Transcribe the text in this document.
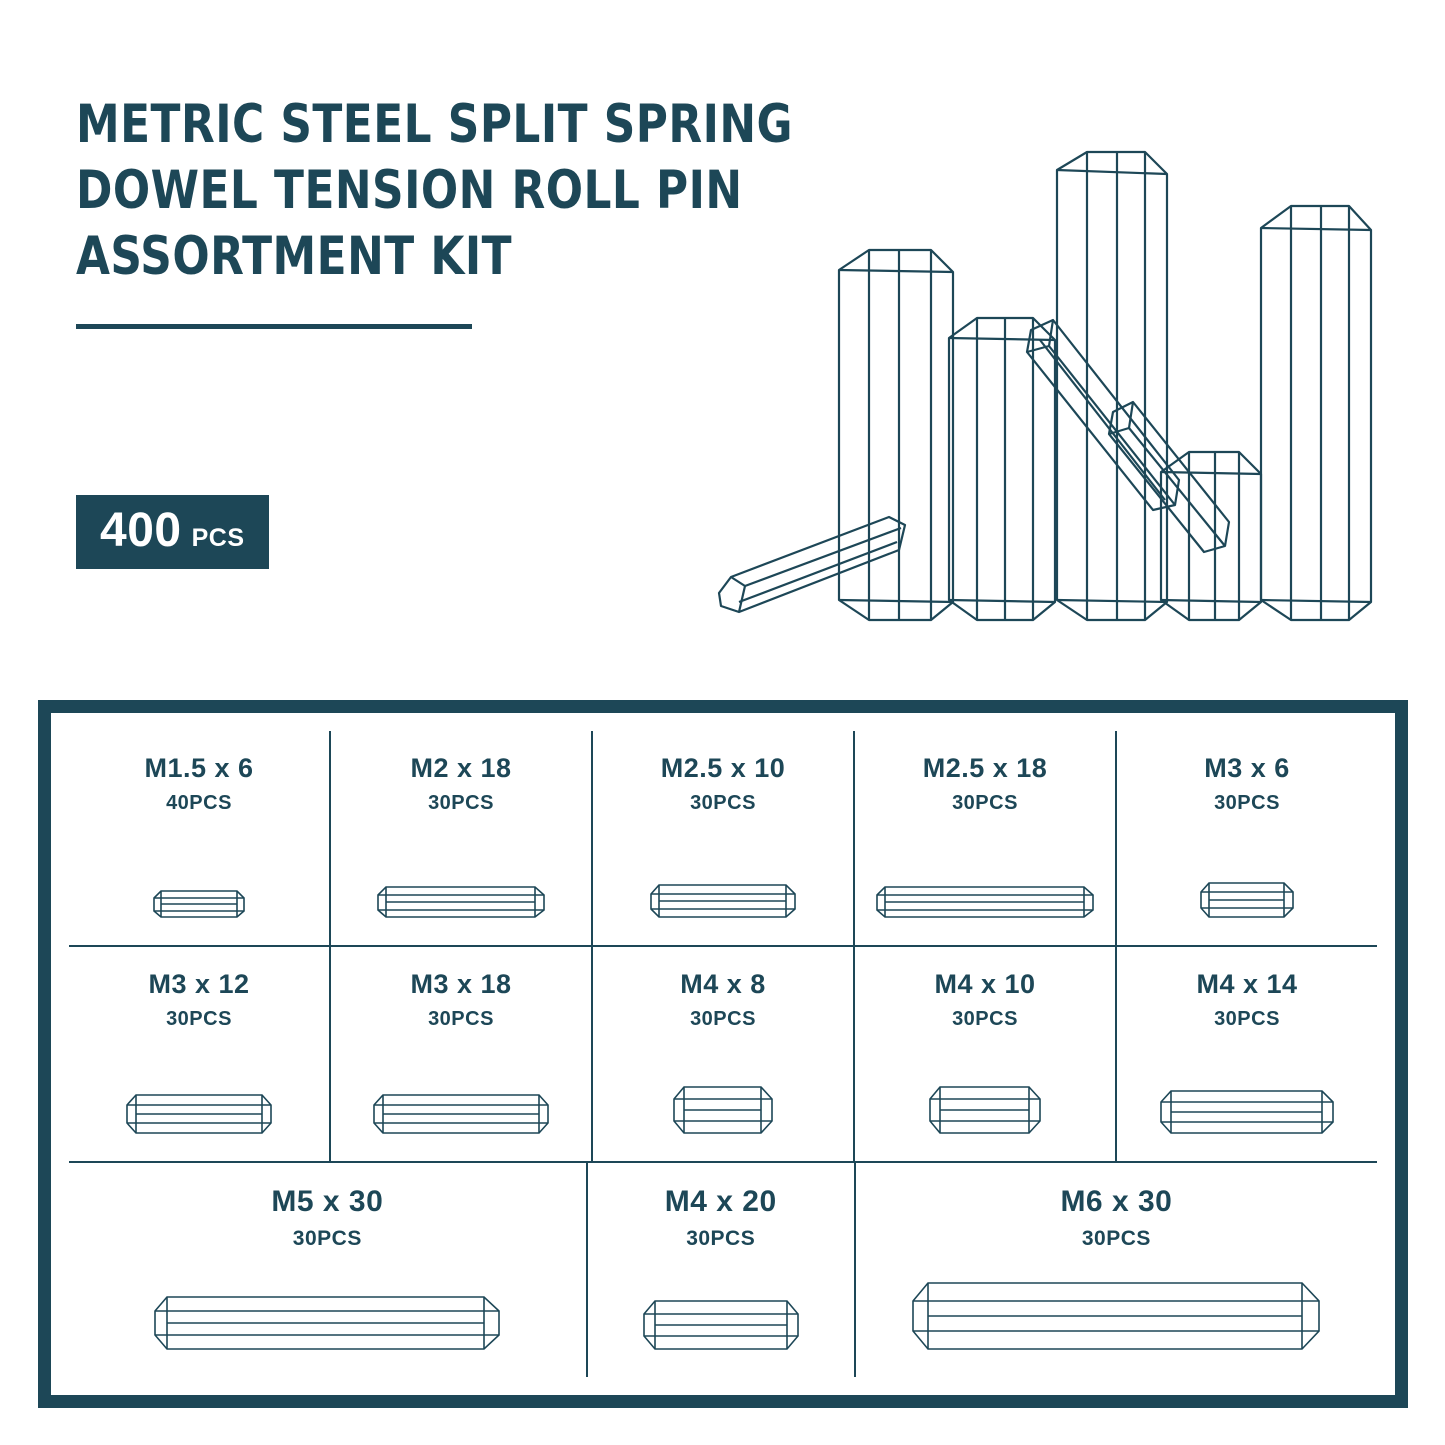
METRIC STEEL SPLIT SPRING
DOWEL TENSION ROLL PIN
ASSORTMENT KIT
400 PCS
M1.5 x 6
40PCS
M2 x 18
30PCS
M2.5 x 10
30PCS
M2.5 x 18
30PCS
M3 x 6
30PCS
M3 x 12
30PCS
M3 x 18
30PCS
M4 x 8
30PCS
M4 x 10
30PCS
M4 x 14
30PCS
M5 x 30
30PCS
M4 x 20
30PCS
M6 x 30
30PCS
